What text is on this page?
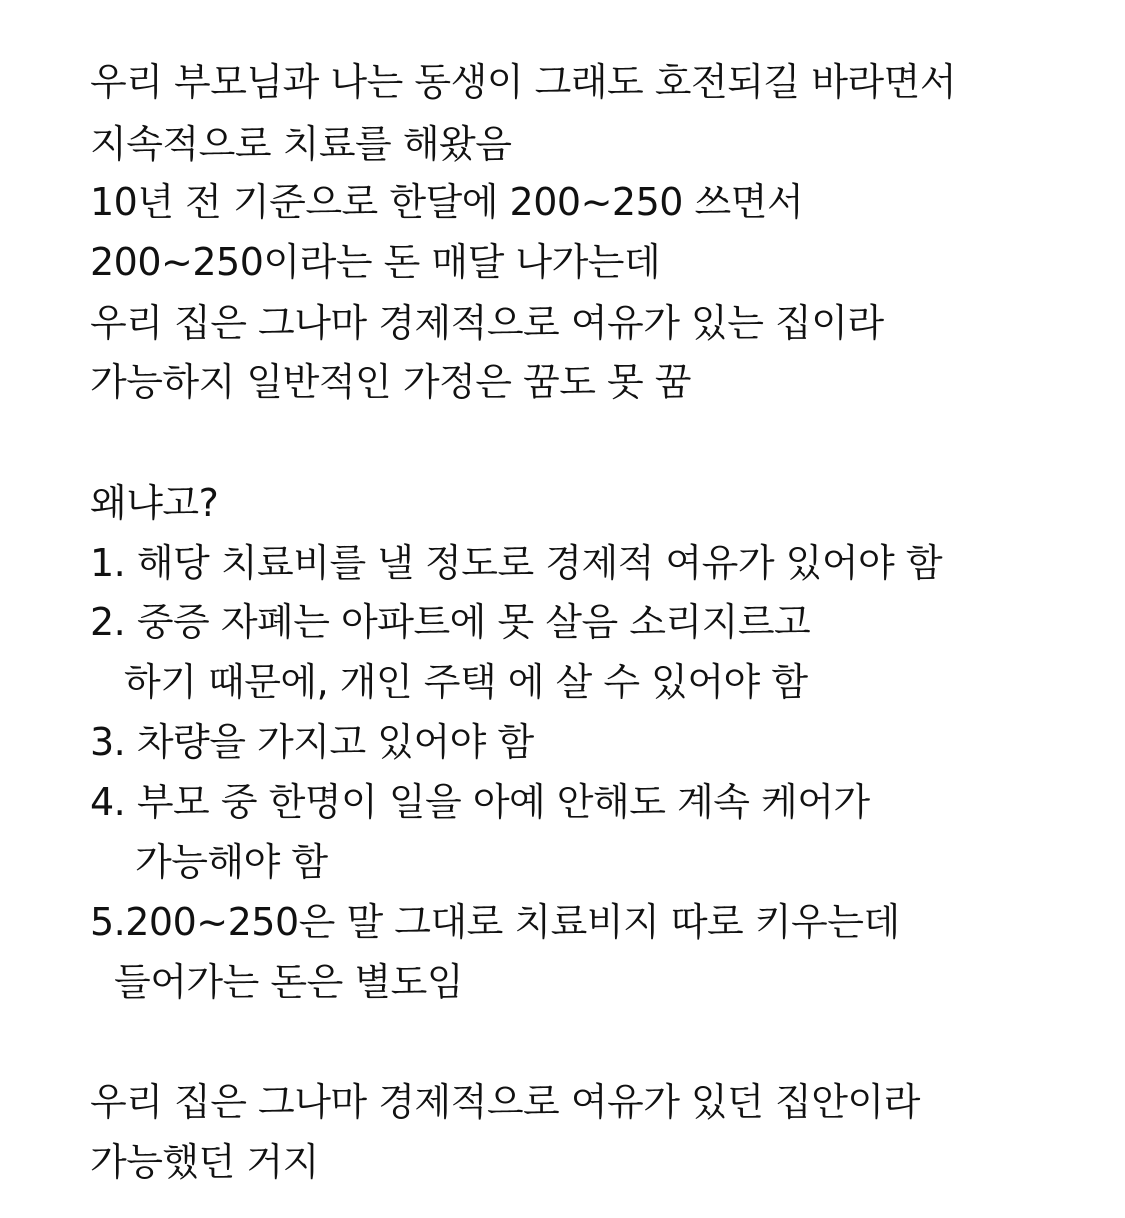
우리 부모님과 나는 동생이 그래도 호전되길 바라면서
지속적으로 치료를 해왔음
10년 전 기준으로 한달에 200~250 쓰면서
200~250이라는 돈 매달 나가는데
우리 집은 그나마 경제적으로 여유가 있는 집이라
가능하지 일반적인 가정은 꿈도 못 꿈
왜냐고?
1. 해당 치료비를 낼 정도로 경제적 여유가 있어야 함
2. 중증 자폐는 아파트에 못 살음 소리지르고
하기 때문에, 개인 주택 에 살 수 있어야 함
3. 차량을 가지고 있어야 함
4. 부모 중 한명이 일을 아예 안해도 계속 케어가
가능해야 함
5.200~250은 말 그대로 치료비지 따로 키우는데
들어가는 돈은 별도임
우리 집은 그나마 경제적으로 여유가 있던 집안이라
가능했던 거지
